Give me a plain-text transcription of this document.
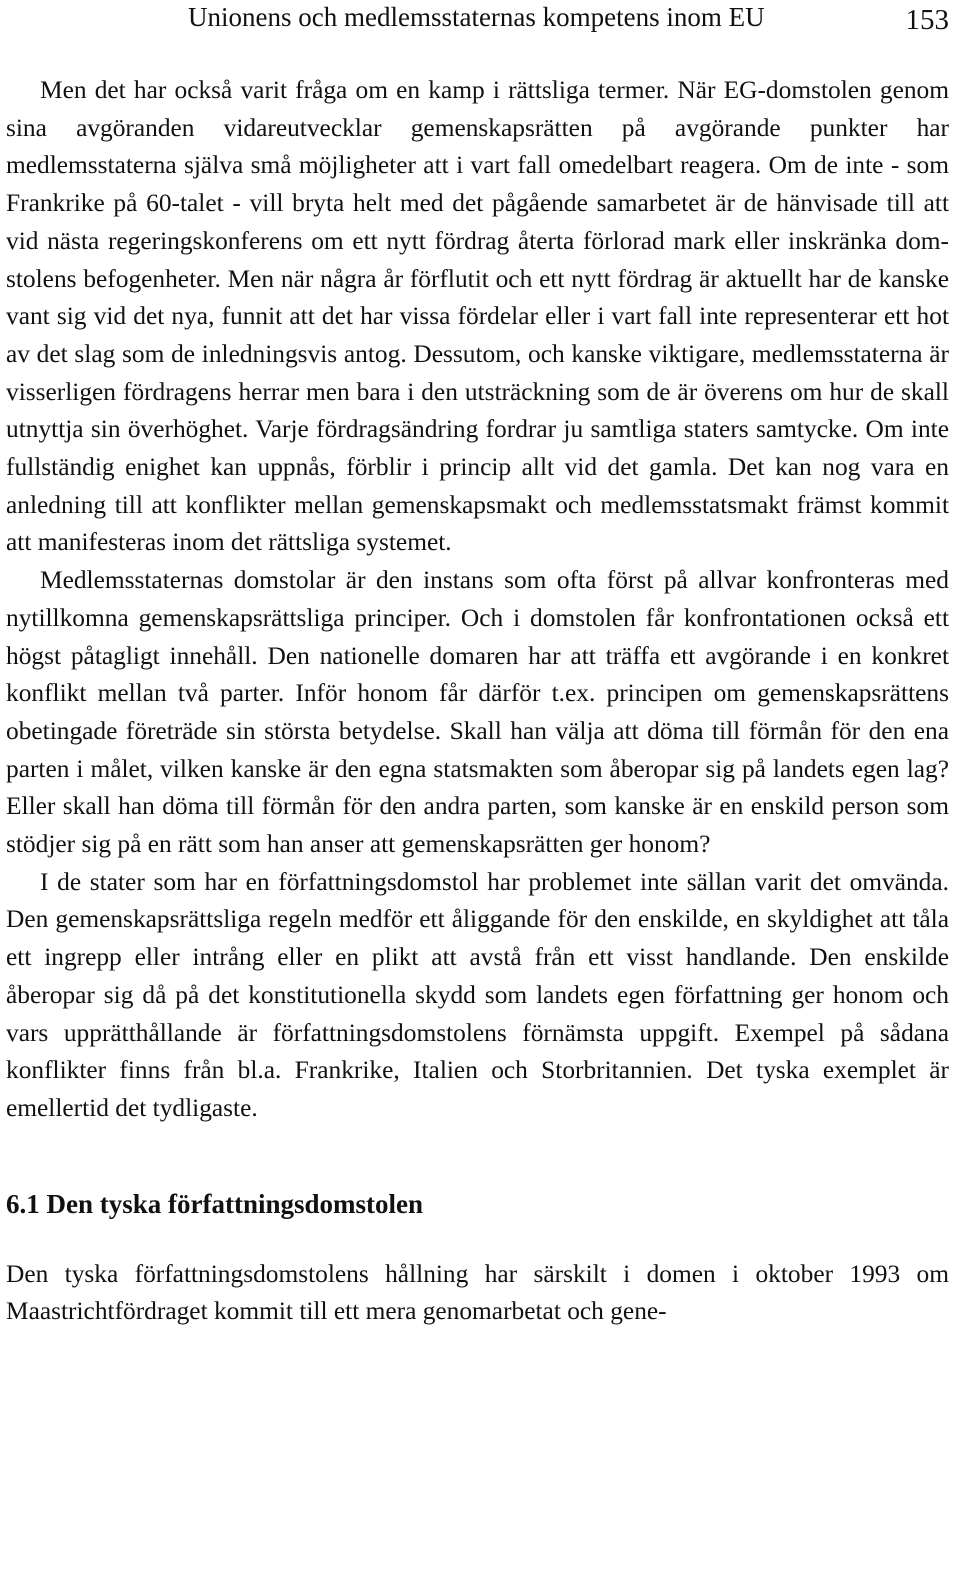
Unionens och medlemsstaternas kompetens inom EU	153

Men det har också varit fråga om en kamp i rättsliga termer. När EG-domstolen genom sina avgöranden vidareutvecklar gemenskapsrätten på avgörande punkter har medlemsstaterna själva små möjligheter att i vart fall omedelbart reagera. Om de inte - som Frankrike på 60-talet - vill bryta helt med det pågående samarbetet är de hänvisade till att vid nästa regeringskonferens om ett nytt fördrag återta förlorad mark eller inskränka domstolens befogenheter. Men när några år förflutit och ett nytt fördrag är aktuellt har de kanske vant sig vid det nya, funnit att det har vissa fördelar eller i vart fall inte representerar ett hot av det slag som de inledningsvis antog. Dessutom, och kanske viktigare, medlemsstaterna är visserligen fördragens herrar men bara i den utsträckning som de är överens om hur de skall utnyttja sin överhöghet. Varje fördragsändring fordrar ju samtliga staters samtycke. Om inte fullständig enighet kan uppnås, förblir i princip allt vid det gamla. Det kan nog vara en anledning till att konflikter mellan gemenskapsmakt och medlemsstatsmakt främst kommit att manifesteras inom det rättsliga systemet.

Medlemsstaternas domstolar är den instans som ofta först på allvar konfronteras med nytillkomna gemenskapsrättsliga principer. Och i domstolen får konfrontationen också ett högst påtagligt innehåll. Den nationelle domaren har att träffa ett avgörande i en konkret konflikt mellan två parter. Inför honom får därför t.ex. principen om gemenskapsrättens obetingade företräde sin största betydelse. Skall han välja att döma till förmån för den ena parten i målet, vilken kanske är den egna statsmakten som åberopar sig på landets egen lag? Eller skall han döma till förmån för den andra parten, som kanske är en enskild person som stödjer sig på en rätt som han anser att gemenskapsrätten ger honom?

I de stater som har en författningsdomstol har problemet inte sällan varit det omvända. Den gemenskapsrättsliga regeln medför ett åliggande för den enskilde, en skyldighet att tåla ett ingrepp eller intrång eller en plikt att avstå från ett visst handlande. Den enskilde åberopar sig då på det konstitutionella skydd som landets egen författning ger honom och vars upprätthållande är författningsdomstolens förnämsta uppgift. Exempel på sådana konflikter finns från bl.a. Frankrike, Italien och Storbritannien. Det tyska exemplet är emellertid det tydligaste.

6.1 Den tyska författningsdomstolen

Den tyska författningsdomstolens hållning har särskilt i domen i oktober 1993 om Maastrichtfördraget kommit till ett mera genomarbetat och gene-
